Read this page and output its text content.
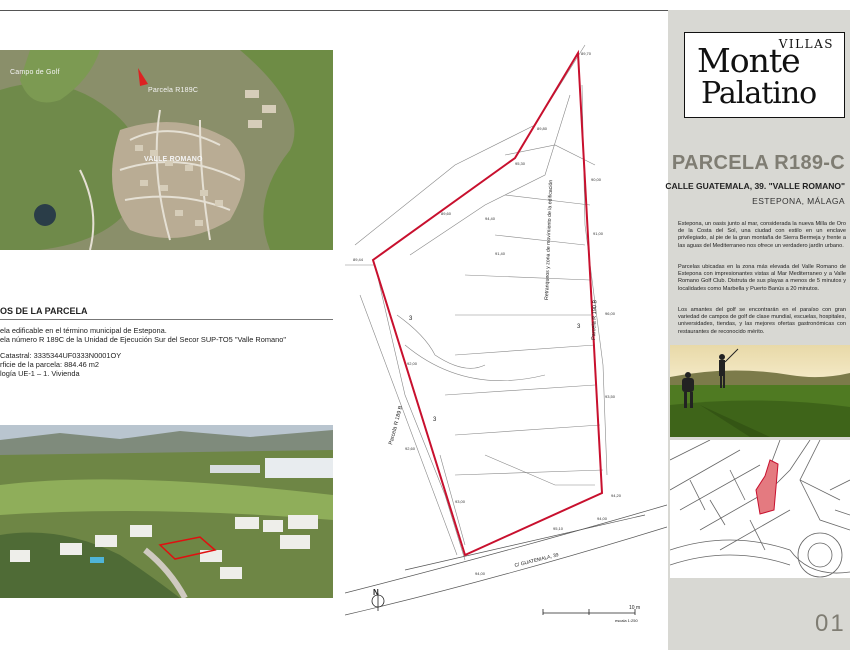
Campo de Golf
Parcela R189C
VALLE ROMANO
OS DE LA PARCELA
ela edificable en el término municipal de Estepona.
ela número R 189C de la Unidad de Ejecución Sur del Secor SUP-TO5 "Valle Romano"
Catastral: 3335344UF0333N0001OY
rficie de la parcela: 884.46 m2
logía UE-1 – 1. Vivienda
Parcela R 189 B
Parcela R 190 B
Retranqueos y zona de movimiento de la edificación
C/ GUATEMALA, 39
3
3
3
89,70
89,44
89,80
89,60
90,00
91,00
91,40
92,00
92,60
93,00
93,50
94,20
94,00
95,10
94,00
94,40
95,30
96,00
N
10 m
escala 1:250
VILLAS
Monte
Palatino
PARCELA R189-C
CALLE GUATEMALA, 39. "VALLE ROMANO"
ESTEPONA, MÁLAGA
Estepona, un oasis junto al mar, considerada la nueva Milla de Oro de la Costa del Sol, una ciudad con estilo en un enclave privilegiado, al pie de la gran montaña de Sierra Bermeja y frente a las aguas del Mediterraneo nos ofrece un verdadero jardín urbano.
Parcelas ubicadas en la zona más elevada del Valle Romano de Estepona con impresionantes vistas al Mar Mediterraneo y a Valle Romano Golf Club. Distruta de sus playas a menos de 5 minutos y localidades como Marbella y Puerto Banús a 20 minutos.
Los amantes del golf se encontrarán en el paraíso con gran variedad de campos de golf de clase mundial, escuelas, hospitales, universidades, tiendas, y las mejores ofertas gastronómicas con restaurantes de reconocido mérito.
01
